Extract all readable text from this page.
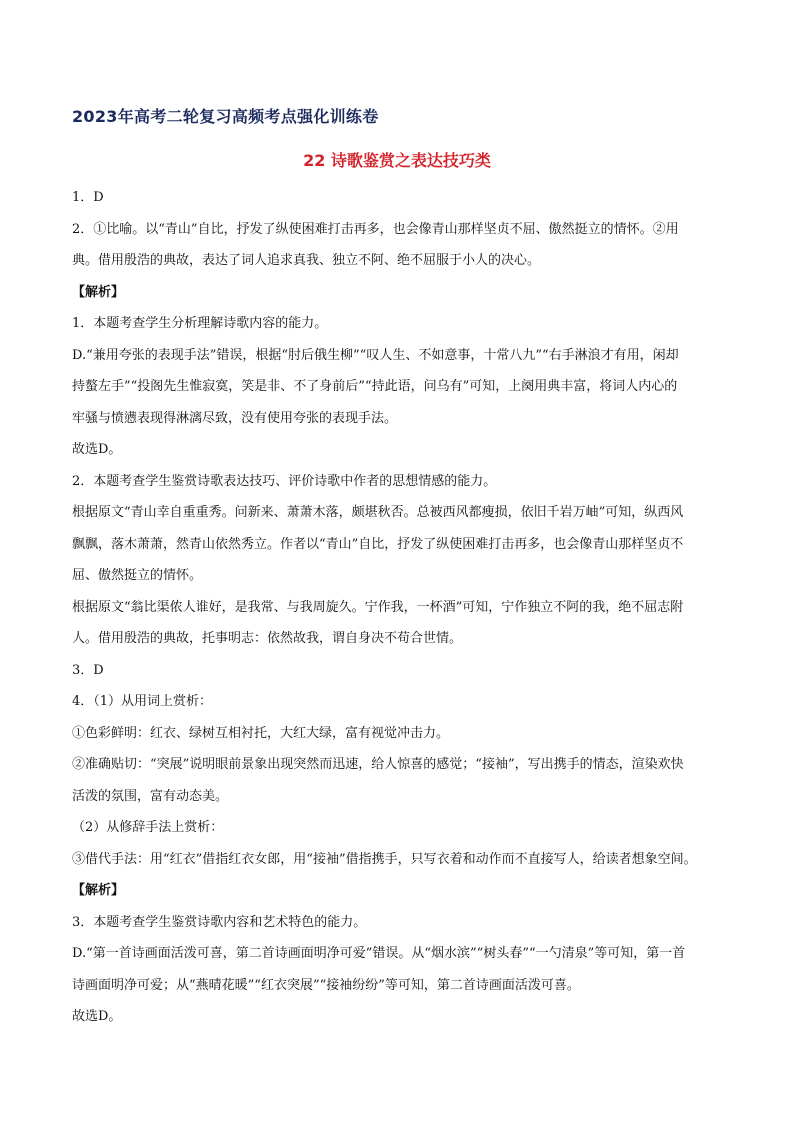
2023年高考二轮复习高频考点强化训练卷
22 诗歌鉴赏之表达技巧类
1．D
2．①比喻。以“青山”自比，抒发了纵使困难打击再多，也会像青山那样坚贞不屈、傲然挺立的情怀。②用
典。借用殷浩的典故，表达了词人追求真我、独立不阿、绝不屈服于小人的决心。
【解析】
1．本题考查学生分析理解诗歌内容的能力。
D.“兼用夸张的表现手法”错误，根据“肘后俄生柳”“叹人生、不如意事，十常八九”“右手淋浪才有用，闲却
持螯左手”“投阁先生惟寂寞，笑是非、不了身前后”“持此语，问乌有”可知，上阕用典丰富，将词人内心的
牢骚与愤懑表现得淋漓尽致，没有使用夸张的表现手法。
故选D。
2．本题考查学生鉴赏诗歌表达技巧、评价诗歌中作者的思想情感的能力。
根据原文“青山幸自重重秀。问新来、萧萧木落，颇堪秋否。总被西风都瘦损，依旧千岩万岫”可知，纵西风
飘飘，落木萧萧，然青山依然秀立。作者以“青山”自比，抒发了纵使困难打击再多，也会像青山那样坚贞不
屈、傲然挺立的情怀。
根据原文“翁比渠侬人谁好，是我常、与我周旋久。宁作我，一杯酒”可知，宁作独立不阿的我，绝不屈志附
人。借用殷浩的典故，托事明志：依然故我，谓自身决不苟合世情。
3．D
4．（1）从用词上赏析：
①色彩鲜明：红衣、绿树互相衬托，大红大绿，富有视觉冲击力。
②准确贴切：“突展”说明眼前景象出现突然而迅速，给人惊喜的感觉；“接袖”，写出携手的情态，渲染欢快
活泼的氛围，富有动态美。
（2）从修辞手法上赏析：
③借代手法：用“红衣”借指红衣女郎，用“接袖”借指携手，只写衣着和动作而不直接写人，给读者想象空间。
【解析】
3．本题考查学生鉴赏诗歌内容和艺术特色的能力。
D.“第一首诗画面活泼可喜，第二首诗画面明净可爱”错误。从“烟水滨”“树头春”“一勺清泉”等可知，第一首
诗画面明净可爱；从“燕晴花暖”“红衣突展”“接袖纷纷”等可知，第二首诗画面活泼可喜。
故选D。
